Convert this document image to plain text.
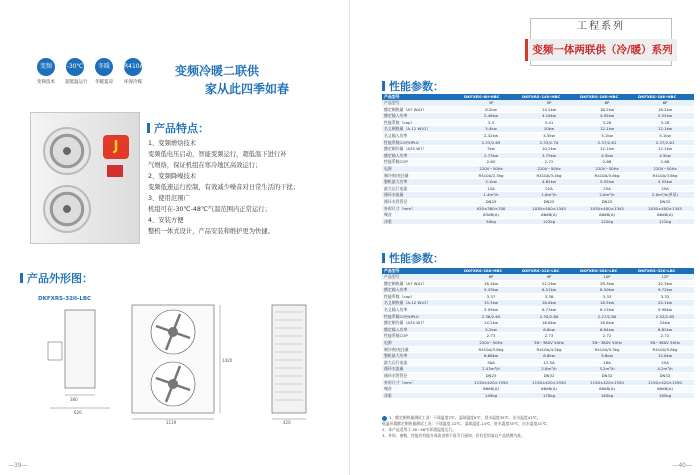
变频
变频技术
-30℃
超低温运行
冬暖
冬暖夏凉
R410A
环保冷媒
变频冷暖二联供
家从此四季如春
J
产品特点：
1、变频增焓技术
变频低电压启动，智能变频运行，超低温下进行补
气增焓，保证机组在寒冷地区高效运行；
2、变频降噪技术
变频低速运行控制，有效减少噪音对日常生活的干扰；
3、使用范围广
机组可在-30℃-48℃气温范围内正常运行；
4、安装方便
整机一体式设计，产品安装和维护更为快捷。
产品外形图：
DKFXRS-32II-LBC
380
620
1119
1420
420
—39—
工程系列
变频一体两联供（冷/暖）系列
性能参数：
产品型号	DKFXRS-8II-HBC	DKFXRS-14II-HBC	DKFXRS-16II-HBC	DKFXRS-18II-HBC
产品型号	3P	5P	6P	6P
额定制热量（A7 W41）	8.2kw	14.2kw	16.2kw	18.2kw
额定输入功率	2.46kw	4.16kw	4.95kw	5.55kw
性能系数（cop）	3.3	3.41	3.28	3.28
名义制热量（A-12 W41）	5.4kw	10kw	12.1kw	12.1kw
名义输入功率	2.42kw	4.3kw	5.1kw	5.1kw
性能系数COP/HPLV	2.23/2.65	2.33/2.70	2.37/2.61	2.37/2.61
额定制冷量（A35 W7）	7kw	10.2kw	12.1kw	12.1kw
额定输入功率	2.73kw	3.75kw	4.5kw	4.5kw
性能系数COP	2.65	2.72	2.68	2.68
电源	220V~50Hz	220V~50Hz	220V~50Hz	220V~50Hz
制冷剂/充注量	R410A/2.3kg	R410A/3.4kg	R410A/3.6kg	R410A/3.6kg
整机最大功率	3.1kw	4.85kw	5.55kw	5.55kw
最大运行电流	14A	22A	25A	25A
循环水流量	1.4m³/h	1.8m³/h	2.0m³/h	2.0m³/h(单泵)
循环水管管径	DN25	DN25	DN25	DN32
外形尺寸（mm）	920×380×700	1030×400×1345	1030×400×1345	1030×400×1345
噪音	63dB(A)	66dB(A)	66dB(A)	66dB(A)
净重	50kg	122kg	122kg	122kg
性能参数：
产品型号	DKFXRS-18II-HBC	DKFXRS-22II-LBC	DKFXRS-28II-LBC	DKFXRS-32II-LBC
产品型号	8P	9P	10P	12P
额定制热量（A7 W41）	18.3kw	22.2kw	28.3kw	32.3kw
额定输入功率	5.43kw	6.57kw	8.50kw	9.72kw
性能系数（cop）	3.37	3.38	3.33	3.32
名义制热量（A-12 W41）	15.3kw	18.6kw	18.5kw	24.1kw
名义输入功率	5.99kw	6.73kw	8.15kw	9.98kw
性能系数COP/HPLV	2.36/2.65	2.35/2.80	2.27/2.80	2.42/2.85
额定制冷量（A35 W7）	14.2kw	18.6kw	18.8kw	24kw
额定输入功率	5.2kw	6.6kw	6.84kw	8.82kw
性能系数COP	2.73	2.73	2.72	2.72
电源	220V~50Hz	3N~380V 50Hz	3N~380V 50Hz	3N~380V 50Hz
制冷剂/充注量	R410A/3.6kg	R410A/4.5kg	R410A/5.3kg	R410A/5.8kg
整机最大功率	6.66kw	6.8kw	9.8kw	12.6kw
最大运行电流	30A	17.5A	18A	25A
循环水流量	2.43m³/h	2.8m³/h	3.2m³/h	4.2m³/h
循环水管管径	DN25	DN32	DN32	DN32
外形尺寸（mm）	1150×420×1550	1150×420×1550	1150×420×1550	1150×420×1550
噪音	66dB(A)	68dB(A)	68dB(A)	68dB(A)
净重	149kg	170kg	185kg	185kg
1、额定制热量测试工况：干球温度7℃，湿球温度6℃，进水温度35℃，出水温度41℃。
低温环境额定制热量测试工况：干球温度-12℃，湿球温度-14℃，进水温度35℃，出水温度41℃。
2、本产品适用于-30~48℃环境温度运行。
3、外形、参数、性能若有提升或改进将不再另行通知，若有差别请以产品铭牌为准。
—40—
